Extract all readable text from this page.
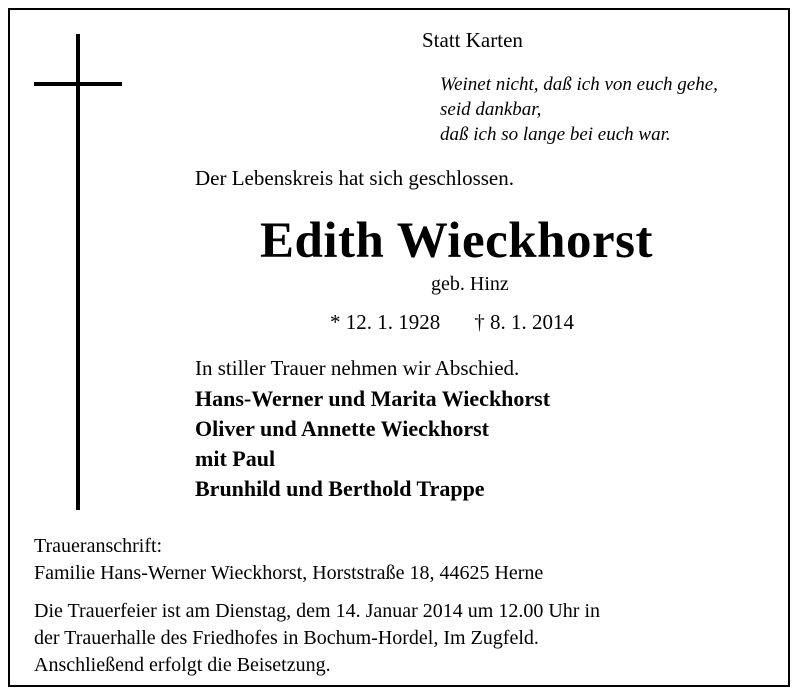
Statt Karten
Weinet nicht, daß ich von euch gehe,
seid dankbar,
daß ich so lange bei euch war.
Der Lebenskreis hat sich geschlossen.
Edith Wieckhorst
geb. Hinz
* 12. 1. 1928 † 8. 1. 2014
In stiller Trauer nehmen wir Abschied.
Hans-Werner und Marita Wieckhorst
Oliver und Annette Wieckhorst
mit Paul
Brunhild und Berthold Trappe
Traueranschrift:
Familie Hans-Werner Wieckhorst, Horststraße 18, 44625 Herne
Die Trauerfeier ist am Dienstag, dem 14. Januar 2014 um 12.00 Uhr in
der Trauerhalle des Friedhofes in Bochum-Hordel, Im Zugfeld.
Anschließend erfolgt die Beisetzung.
